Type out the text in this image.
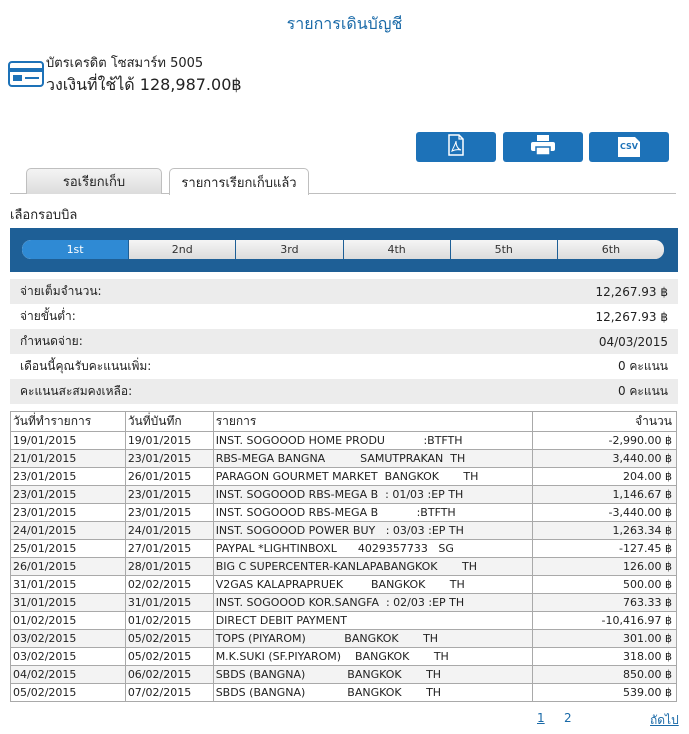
รายการเดินบัญชี
บัตรเครดิต โซสมาร์ท 5005
วงเงินที่ใช้ได้ 128,987.00฿
CSV
รอเรียกเก็บ	รายการเรียกเก็บแล้ว
เลือกรอบบิล
1st	2nd	3rd	4th	5th	6th
จ่ายเต็มจำนวน:	12,267.93 ฿
จ่ายขั้นต่ำ:	12,267.93 ฿
กำหนดจ่าย:	04/03/2015
เดือนนี้คุณรับคะแนนเพิ่ม:	0 คะแนน
คะแนนสะสมคงเหลือ:	0 คะแนน
วันที่ทำรายการ	วันที่บันทึก	รายการ	จำนวน
19/01/2015	19/01/2015	INST. SOGOOOD HOME PRODU           :BTFTH	-2,990.00 ฿
21/01/2015	23/01/2015	RBS-MEGA BANGNA          SAMUTPRAKAN  TH	3,440.00 ฿
23/01/2015	26/01/2015	PARAGON GOURMET MARKET  BANGKOK       TH	204.00 ฿
23/01/2015	23/01/2015	INST. SOGOOOD RBS-MEGA B  : 01/03 :EP TH	1,146.67 ฿
23/01/2015	23/01/2015	INST. SOGOOOD RBS-MEGA B           :BTFTH	-3,440.00 ฿
24/01/2015	24/01/2015	INST. SOGOOOD POWER BUY   : 03/03 :EP TH	1,263.34 ฿
25/01/2015	27/01/2015	PAYPAL *LIGHTINBOXL      4029357733   SG	-127.45 ฿
26/01/2015	28/01/2015	BIG C SUPERCENTER-KANLAPABANGKOK       TH	126.00 ฿
31/01/2015	02/02/2015	V2GAS KALAPRAPRUEK        BANGKOK       TH	500.00 ฿
31/01/2015	31/01/2015	INST. SOGOOOD KOR.SANGFA  : 02/03 :EP TH	763.33 ฿
01/02/2015	01/02/2015	DIRECT DEBIT PAYMENT	-10,416.97 ฿
03/02/2015	05/02/2015	TOPS (PIYAROM)           BANGKOK       TH	301.00 ฿
03/02/2015	05/02/2015	M.K.SUKI (SF.PIYAROM)    BANGKOK       TH	318.00 ฿
04/02/2015	06/02/2015	SBDS (BANGNA)            BANGKOK       TH	850.00 ฿
05/02/2015	07/02/2015	SBDS (BANGNA)            BANGKOK       TH	539.00 ฿
1 2	ถัดไป
